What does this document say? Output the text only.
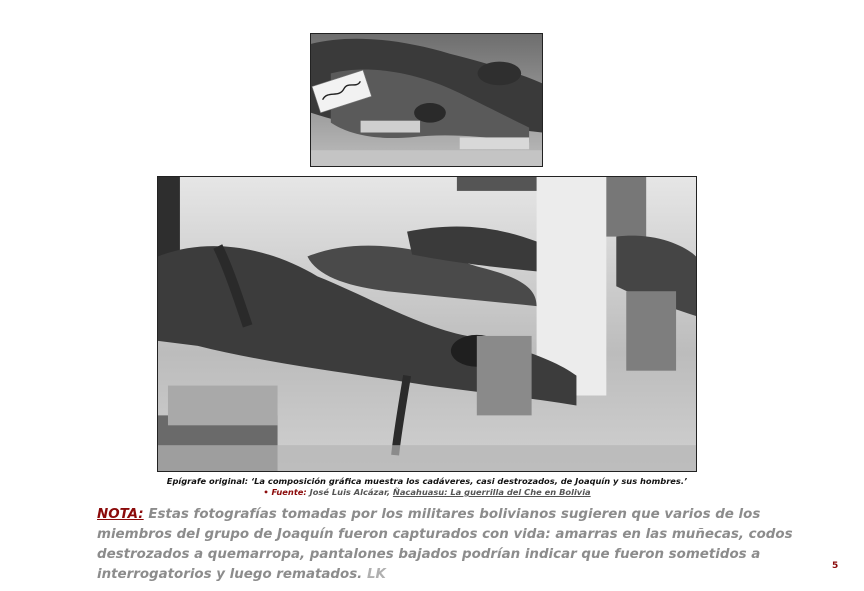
Epígrafe original: ‘La composición gráfica muestra los cadáveres, casi destrozados, de Joaquín y sus hombres.’
• Fuente: José Luis Alcázar, Ñacahuasu: La guerrilla del Che en Bolivia
NOTA: Estas fotografías tomadas por los militares bolivianos sugieren que varios de los miembros del grupo de Joaquín fueron capturados con vida: amarras en las muñecas, codos destrozados a quemarropa, pantalones bajados podrían indicar que fueron sometidos a interrogatorios y luego rematados. LK
5
